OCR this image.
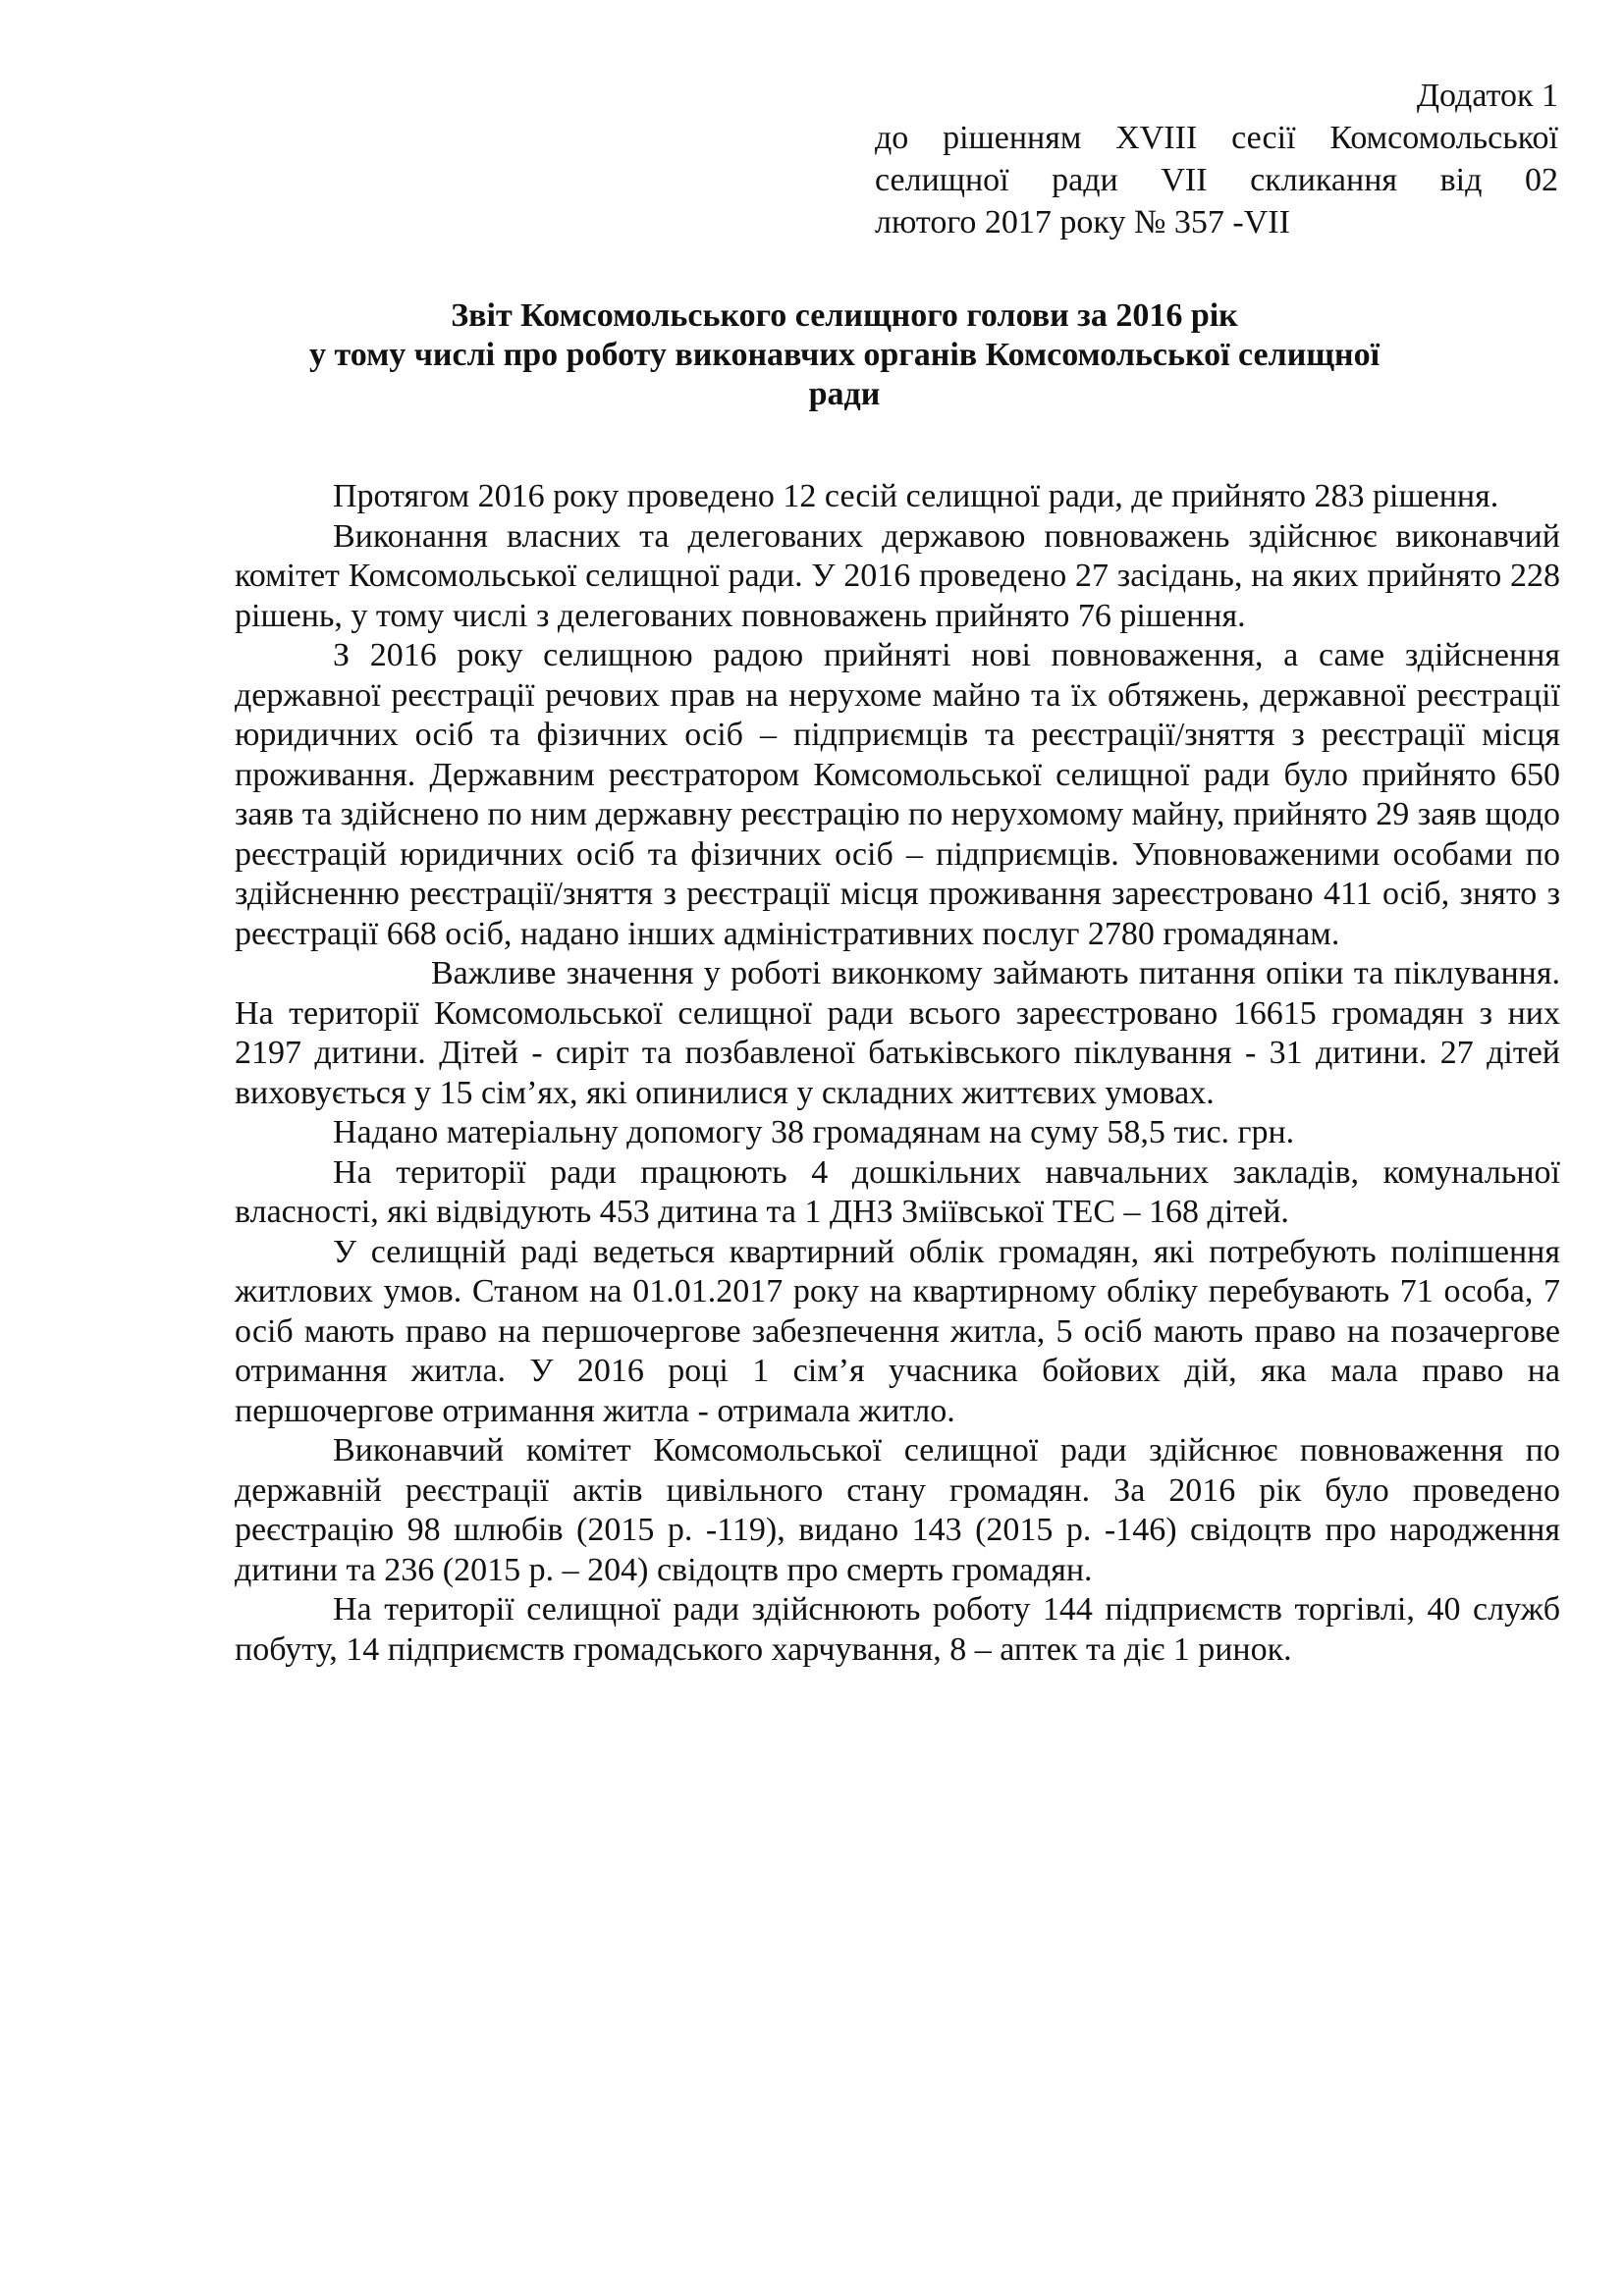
Додаток 1
до рішенням XVIII сесії Комсомольської
селищної ради VII скликання від 02
лютого 2017 року № 357 -VII
Звіт Комсомольського селищного голови за 2016 рік
у тому числі про роботу виконавчих органів Комсомольської селищної
ради

Протягом 2016 року проведено 12 сесій селищної ради, де прийнято 283 рішення.

Виконання власних та делегованих державою повноважень здійснює виконавчий комітет Комсомольської селищної ради. У 2016 проведено 27 засідань, на яких прийнято 228 рішень, у тому числі з делегованих повноважень прийнято 76 рішення.

З 2016 року селищною радою прийняті нові повноваження, а саме здійснення державної реєстрації речових прав на нерухоме майно та їх обтяжень, державної реєстрації юридичних осіб та фізичних осіб – підприємців та реєстрації/зняття з реєстрації місця проживання. Державним реєстратором Комсомольської селищної ради було прийнято 650 заяв та здійснено по ним державну реєстрацію по нерухомому майну, прийнято 29 заяв щодо реєстрацій юридичних осіб та фізичних осіб – підприємців. Уповноваженими особами по здійсненню реєстрації/зняття з реєстрації місця проживання зареєстровано 411 осіб, знято з реєстрації 668 осіб, надано інших адміністративних послуг 2780 громадянам.

Важливе значення у роботі виконкому займають питання опіки та піклування. На території Комсомольської селищної ради всього зареєстровано 16615 громадян з них 2197 дитини. Дітей - сиріт та позбавленої батьківського піклування - 31 дитини. 27 дітей виховується у 15 сім’ях, які опинилися у складних життєвих умовах.

Надано матеріальну допомогу 38 громадянам на суму 58,5 тис. грн.

На території ради працюють 4 дошкільних навчальних закладів, комунальної власності, які відвідують 453 дитина та 1 ДНЗ Зміївської ТЕС – 168 дітей.

У селищній раді ведеться квартирний облік громадян, які потребують поліпшення житлових умов. Станом на 01.01.2017 року на квартирному обліку перебувають 71 особа, 7 осіб мають право на першочергове забезпечення житла, 5 осіб мають право на позачергове отримання житла. У 2016 році 1 сім’я учасника бойових дій, яка мала право на першочергове отримання житла - отримала житло.

Виконавчий комітет Комсомольської селищної ради здійснює повноваження по державній реєстрації актів цивільного стану громадян. За 2016 рік було проведено реєстрацію 98 шлюбів (2015 р. -119), видано 143 (2015 р. -146) свідоцтв про народження дитини та 236 (2015 р. – 204) свідоцтв про смерть громадян.

На території селищної ради здійснюють роботу 144 підприємств торгівлі, 40 служб побуту, 14 підприємств громадського харчування, 8 – аптек та діє 1 ринок.
